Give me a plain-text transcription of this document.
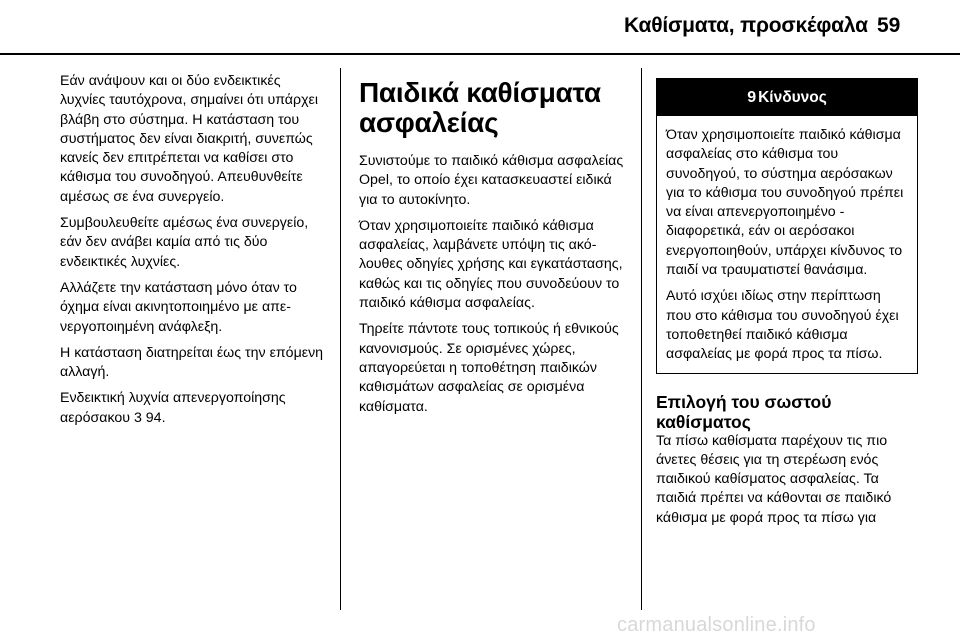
Καθίσματα, προσκέφαλα 59

Εάν ανάψουν και οι δύο ενδεικτικές λυχνίες ταυτόχρονα, σημαίνει ότι υπάρχει βλάβη στο σύστημα. Η κατάσταση του συστήματος δεν είναι διακριτή, συνεπώς κανείς δεν επιτρέπεται να καθίσει στο κάθισμα του συνοδηγού. Απευθυνθείτε αμέσως σε ένα συνεργείο.

Συμβουλευθείτε αμέσως ένα συνεργείο, εάν δεν ανάβει καμία από τις δύο ενδεικτικές λυχνίες.

Αλλάζετε την κατάσταση μόνο όταν το όχημα είναι ακινητοποιημένο με απενεργοποιημένη ανάφλεξη.

Η κατάσταση διατηρείται έως την επόμενη αλλαγή.

Ενδεικτική λυχνία απενεργοποίησης αερόσακου 3 94.

Παιδικά καθίσματα ασφαλείας

Συνιστούμε το παιδικό κάθισμα ασφαλείας Opel, το οποίο έχει κατασκευαστεί ειδικά για το αυτοκίνητο.

Όταν χρησιμοποιείτε παιδικό κάθισμα ασφαλείας, λαμβάνετε υπόψη τις ακόλουθες οδηγίες χρήσης και εγκατάστασης, καθώς και τις οδηγίες που συνοδεύουν το παιδικό κάθισμα ασφαλείας.

Τηρείτε πάντοτε τους τοπικούς ή εθνικούς κανονισμούς. Σε ορισμένες χώρες, απαγορεύεται η τοποθέτηση παιδικών καθισμάτων ασφαλείας σε ορισμένα καθίσματα.

9 Κίνδυνος

Όταν χρησιμοποιείτε παιδικό κάθισμα ασφαλείας στο κάθισμα του συνοδηγού, το σύστημα αερόσακων για το κάθισμα του συνοδηγού πρέπει να είναι απενεργοποιημένο - διαφορετικά, εάν οι αερόσακοι ενεργοποιηθούν, υπάρχει κίνδυνος το παιδί να τραυματιστεί θανάσιμα.

Αυτό ισχύει ιδίως στην περίπτωση που στο κάθισμα του συνοδηγού έχει τοποθετηθεί παιδικό κάθισμα ασφαλείας με φορά προς τα πίσω.

Επιλογή του σωστού
καθίσματος

Τα πίσω καθίσματα παρέχουν τις πιο άνετες θέσεις για τη στερέωση ενός παιδικού καθίσματος ασφαλείας. Τα παιδιά πρέπει να κάθονται σε παιδικό κάθισμα με φορά προς τα πίσω για

carmanualsonline.info
